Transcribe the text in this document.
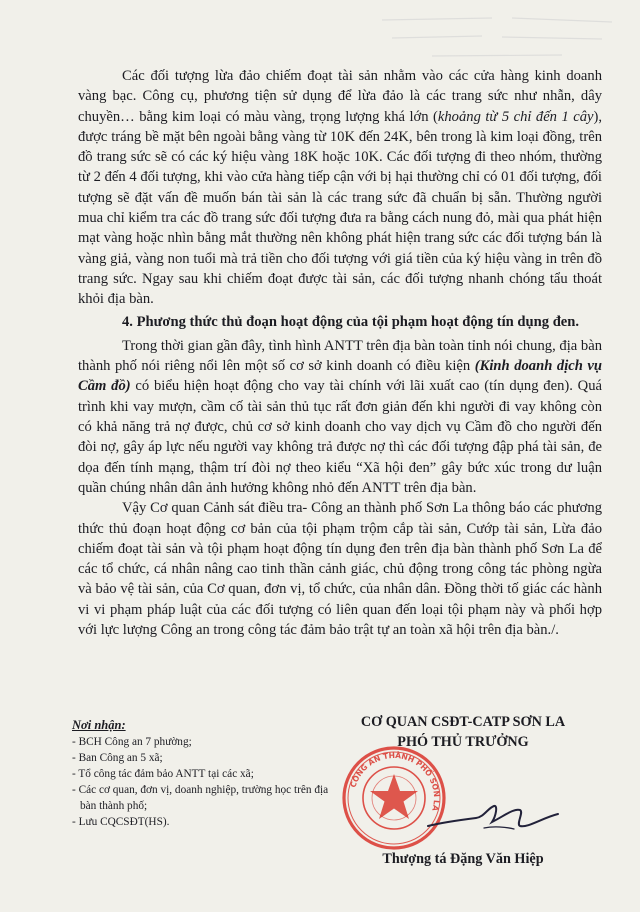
Các đối tượng lừa đảo chiếm đoạt tài sản nhằm vào các cửa hàng kinh doanh vàng bạc. Công cụ, phương tiện sử dụng để lừa đảo là các trang sức như nhẫn, dây chuyền… bằng kim loại có màu vàng, trọng lượng khá lớn (khoảng từ 5 chỉ đến 1 cây), được tráng bề mặt bên ngoài bằng vàng từ 10K đến 24K, bên trong là kim loại đồng, trên đồ trang sức sẽ có các ký hiệu vàng 18K hoặc 10K. Các đối tượng đi theo nhóm, thường từ 2 đến 4 đối tượng, khi vào cửa hàng tiếp cận với bị hại thường chỉ có 01 đối tượng, đối tượng sẽ đặt vấn đề muốn bán tài sản là các trang sức đã chuẩn bị sẵn. Thường người mua chỉ kiểm tra các đồ trang sức đối tượng đưa ra bằng cách nung đỏ, mài qua phát hiện mạt vàng hoặc nhìn bằng mắt thường nên không phát hiện trang sức các đối tượng bán là vàng giả, vàng non tuổi mà trả tiền cho đối tượng với giá tiền của ký hiệu vàng in trên đồ trang sức. Ngay sau khi chiếm đoạt được tài sản, các đối tượng nhanh chóng tẩu thoát khỏi địa bàn.

4. Phương thức thủ đoạn hoạt động của tội phạm hoạt động tín dụng đen.

Trong thời gian gần đây, tình hình ANTT trên địa bàn toàn tỉnh nói chung, địa bàn thành phố nói riêng nổi lên một số cơ sở kinh doanh có điều kiện (Kinh doanh dịch vụ Cầm đồ) có biểu hiện hoạt động cho vay tài chính với lãi xuất cao (tín dụng đen). Quá trình khi vay mượn, cầm cố tài sản thủ tục rất đơn giản đến khi người đi vay không còn có khả năng trả nợ được, chủ cơ sở kinh doanh cho vay dịch vụ Cầm đồ cho người đến đòi nợ, gây áp lực nếu người vay không trả được nợ thì các đối tượng đập phá tài sản, đe dọa đến tính mạng, thậm trí đòi nợ theo kiểu “Xã hội đen” gây bức xúc trong dư luận quần chúng nhân dân ảnh hưởng không nhỏ đến ANTT trên địa bàn.

Vậy Cơ quan Cảnh sát điều tra- Công an thành phố Sơn La thông báo các phương thức thủ đoạn hoạt động cơ bản của tội phạm trộm cắp tài sản, Cướp tài sản, Lừa đảo chiếm đoạt tài sản và tội phạm hoạt động tín dụng đen trên địa bàn thành phố Sơn La để các tổ chức, cá nhân nâng cao tinh thần cảnh giác, chủ động trong công tác phòng ngừa và bảo vệ tài sản, của Cơ quan, đơn vị, tổ chức, của nhân dân. Đồng thời tố giác các hành vi vi phạm pháp luật của các đối tượng có liên quan đến loại tội phạm này và phối hợp với lực lượng Công an trong công tác đảm bảo trật tự an toàn xã hội trên địa bàn./.

Nơi nhận:
- BCH Công an 7 phường;
- Ban Công an 5 xã;
- Tổ công tác đảm bảo ANTT tại các xã;
- Các cơ quan, đơn vị, doanh nghiệp, trường học trên địa bàn thành phố;
- Lưu CQCSĐT(HS).
CƠ QUAN CSĐT-CATP SƠN LA
PHÓ THỦ TRƯỞNG
CÔNG AN THÀNH PHỐ SƠN LA
Thượng tá Đặng Văn Hiệp
